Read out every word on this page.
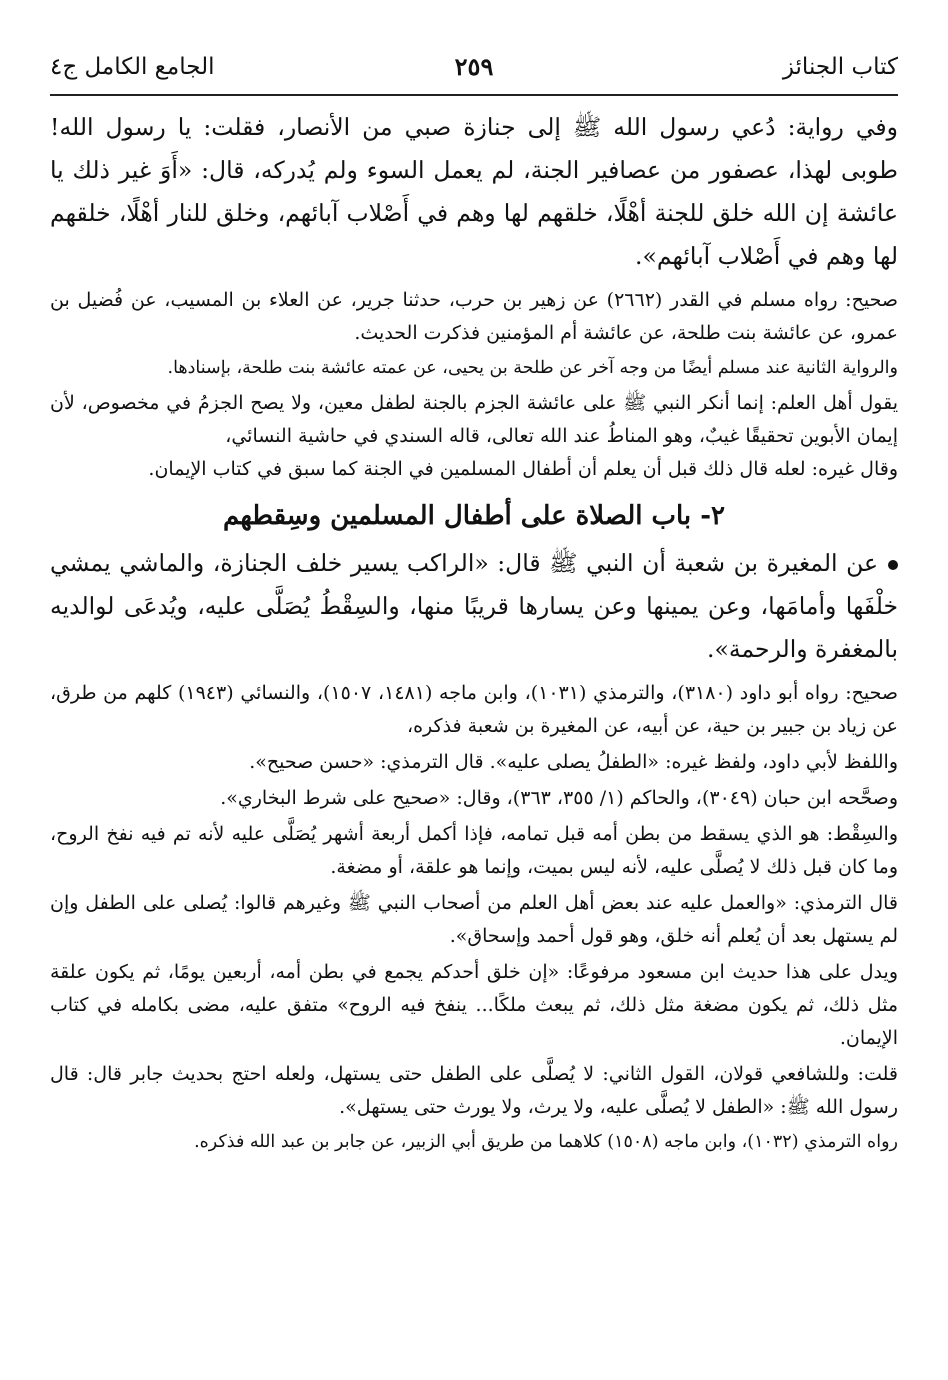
كتاب الجنائز
٢٥٩
الجامع الكامل ج٤

وفي رواية: دُعي رسول الله ﷺ إلى جنازة صبي من الأنصار، فقلت: يا رسول الله! طوبى لهذا، عصفور من عصافير الجنة، لم يعمل السوء ولم يُدركه، قال: «أَوَ غير ذلك يا عائشة إن الله خلق للجنة أهْلًا، خلقهم لها وهم في أَصْلاب آبائهم، وخلق للنار أهْلًا، خلقهم لها وهم في أَصْلاب آبائهم».

صحيح: رواه مسلم في القدر (٢٦٦٢) عن زهير بن حرب، حدثنا جرير، عن العلاء بن المسيب، عن فُضيل بن عمرو، عن عائشة بنت طلحة، عن عائشة أم المؤمنين فذكرت الحديث.

والرواية الثانية عند مسلم أيضًا من وجه آخر عن طلحة بن يحيى، عن عمته عائشة بنت طلحة، بإسنادها.

يقول أهل العلم: إنما أنكر النبي ﷺ على عائشة الجزم بالجنة لطفل معين، ولا يصح الجزمُ في مخصوص، لأن إيمان الأبوين تحقيقًا غيبٌ، وهو المناطُ عند الله تعالى، قاله السندي في حاشية النسائي،

وقال غيره: لعله قال ذلك قبل أن يعلم أن أطفال المسلمين في الجنة كما سبق في كتاب الإيمان.

٢- باب الصلاة على أطفال المسلمين وسِقطهم

عن المغيرة بن شعبة أن النبي ﷺ قال: «الراكب يسير خلف الجنازة، والماشي يمشي خلْفَها وأمامَها، وعن يمينها وعن يسارها قريبًا منها، والسِقْطُ يُصَلَّى عليه، ويُدعَى لوالديه بالمغفرة والرحمة».

صحيح: رواه أبو داود (٣١٨٠)، والترمذي (١٠٣١)، وابن ماجه (١٤٨١، ١٥٠٧)، والنسائي (١٩٤٣) كلهم من طرق، عن زياد بن جبير بن حية، عن أبيه، عن المغيرة بن شعبة فذكره،

واللفظ لأبي داود، ولفظ غيره: «الطفلُ يصلى عليه». قال الترمذي: «حسن صحيح».

وصحَّحه ابن حبان (٣٠٤٩)، والحاكم (١/ ٣٥٥، ٣٦٣)، وقال: «صحيح على شرط البخاري».

والسِقْط: هو الذي يسقط من بطن أمه قبل تمامه، فإذا أكمل أربعة أشهر يُصَلَّى عليه لأنه تم فيه نفخ الروح، وما كان قبل ذلك لا يُصلَّى عليه، لأنه ليس بميت، وإنما هو علقة، أو مضغة.

قال الترمذي: «والعمل عليه عند بعض أهل العلم من أصحاب النبي ﷺ وغيرهم قالوا: يُصلى على الطفل وإن لم يستهل بعد أن يُعلم أنه خلق، وهو قول أحمد وإسحاق».

ويدل على هذا حديث ابن مسعود مرفوعًا: «إن خلق أحدكم يجمع في بطن أمه، أربعين يومًا، ثم يكون علقة مثل ذلك، ثم يكون مضغة مثل ذلك، ثم يبعث ملكًا... ينفخ فيه الروح» متفق عليه، مضى بكامله في كتاب الإيمان.

قلت: وللشافعي قولان، القول الثاني: لا يُصلَّى على الطفل حتى يستهل، ولعله احتج بحديث جابر قال: قال رسول الله ﷺ: «الطفل لا يُصلَّى عليه، ولا يرث، ولا يورث حتى يستهل».

رواه الترمذي (١٠٣٢)، وابن ماجه (١٥٠٨) كلاهما من طريق أبي الزبير، عن جابر بن عبد الله فذكره.
